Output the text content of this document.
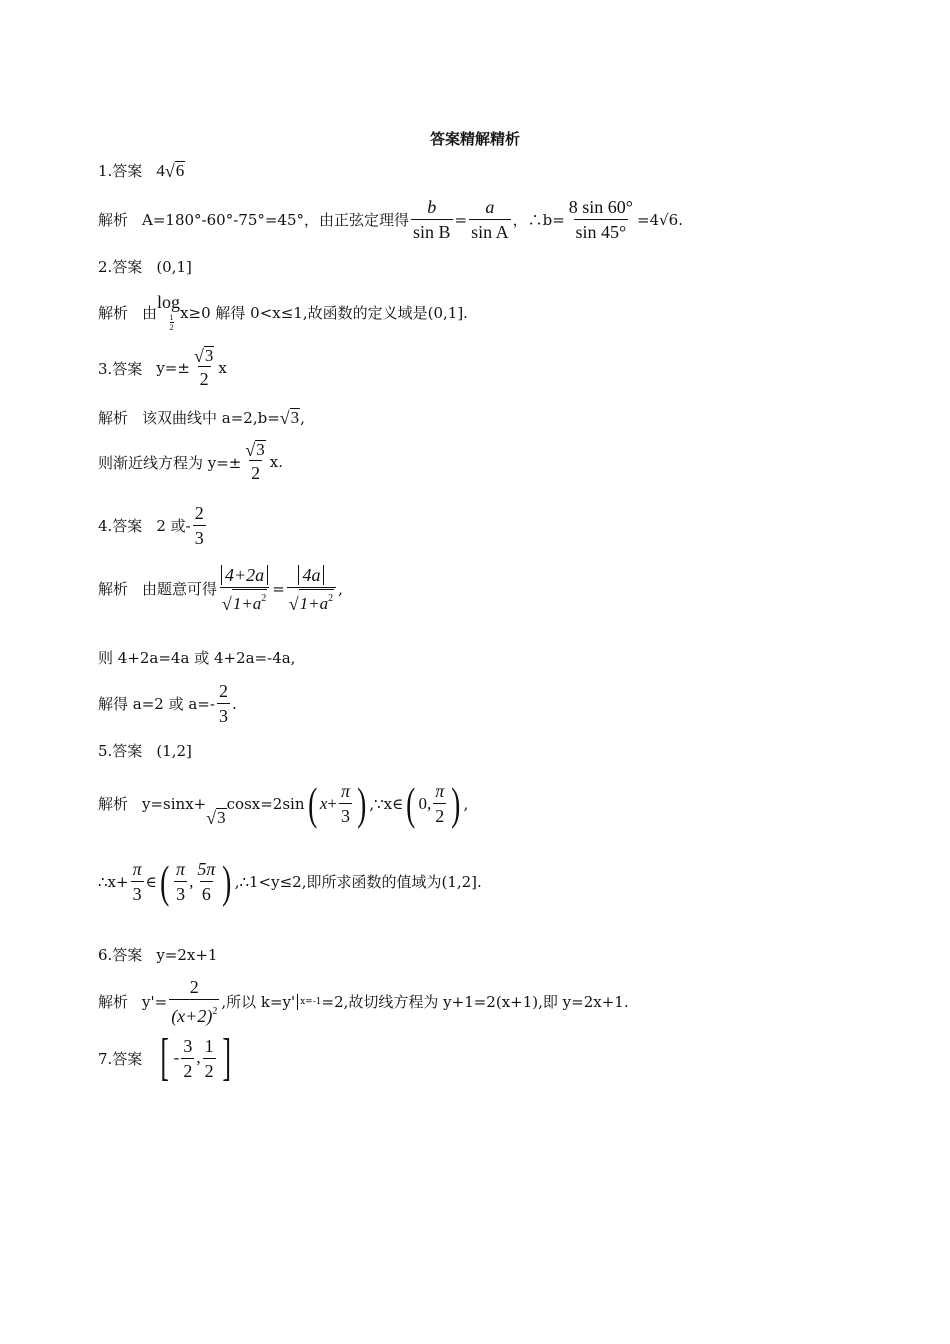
答案精解精析
1.答案 4 √ 6
解析 A=180°-60°-75°=45°，由正弦定理得 $\frac{b}{\text{sin B}} = \frac{a}{\text{sin A}}$ ，∴b= $\frac{8 \sin 60^\circ}{\sin 45^\circ} =4√6$.
2.答案 (0,1]
解析 由
log
1
2
x≥0 解得 0<x≤1,故函数的定义域是(0,1].
3.答案 $y=\pm \frac{√ 3}{2}$ x
解析 该双曲线中 a=2,b= √ 3 ,
则渐近线方程为 $y=\pm \frac{√ 3}{2} x$.
4.答案 2 或- $\frac{2}{3}$
解析 由题意可得 $\frac{4+2a}{√ 1+a^2} = \frac{4a}{√ 1+a^2}$ ,
则 4+2a=4a 或 4+2a=-4a,
解得 a=2 或 $a=- \frac{2}{3}$ .
5.答案 (1,2]
解析 y=sinx+
√ 3
cosx=2sin ( $x + \frac{\pi}{3}$ ) ,∵x∈ ( 0 , $\frac{\pi}{2}$ ) ,
∴x+ $\frac{\pi}{3}$ ∈ ( $\frac{\pi}{3}$ , $\frac{5\pi}{6}$ ) ,∴1<y≤2,即所求函数的值域为(1,2].
6.答案 y=2x+1
解析 $y'= \frac{2}{(x+2)^2}$ ,所以 k=y' x=-1 =2,故切线方程为 y+1=2(x+1),即 y=2x+1.
7.答案 [ - $\frac{3}{2}$ , $\frac{1}{2}$ ]
